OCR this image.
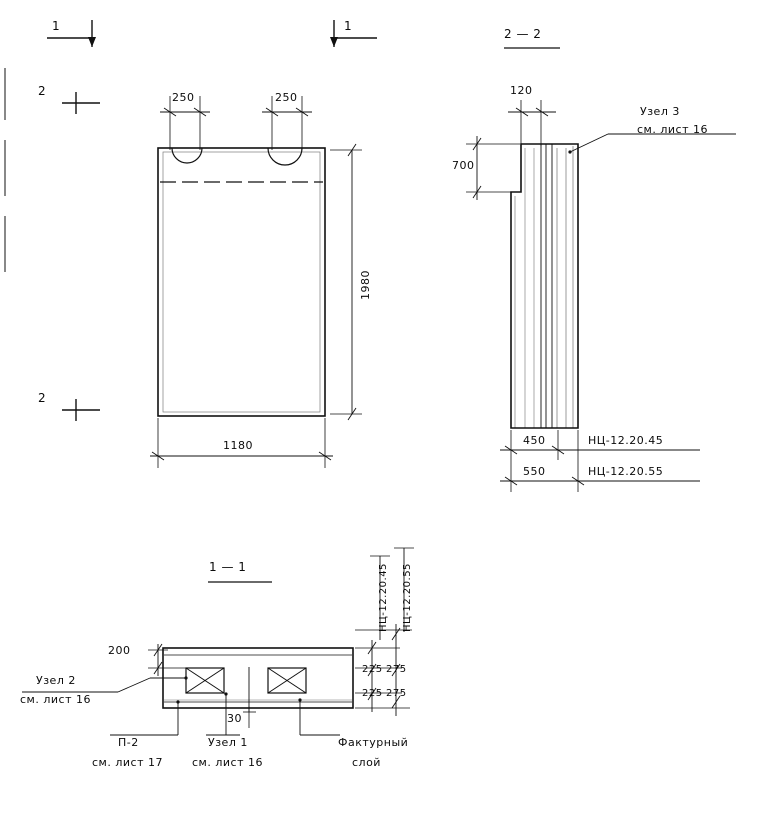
1	1
2
2
2 — 2
1 — 1
250	250
1980
1180
120
700
Узел 3
см. лист 16
450
550
НЦ-12.20.45
НЦ-12.20.55
200
30
225
225
275
275
НЦ-12.20.45 НЦ-12.20.55
Узел 2
см. лист 16
П-2
см. лист 17
Узел 1
см. лист 16
Фактурный
слой
